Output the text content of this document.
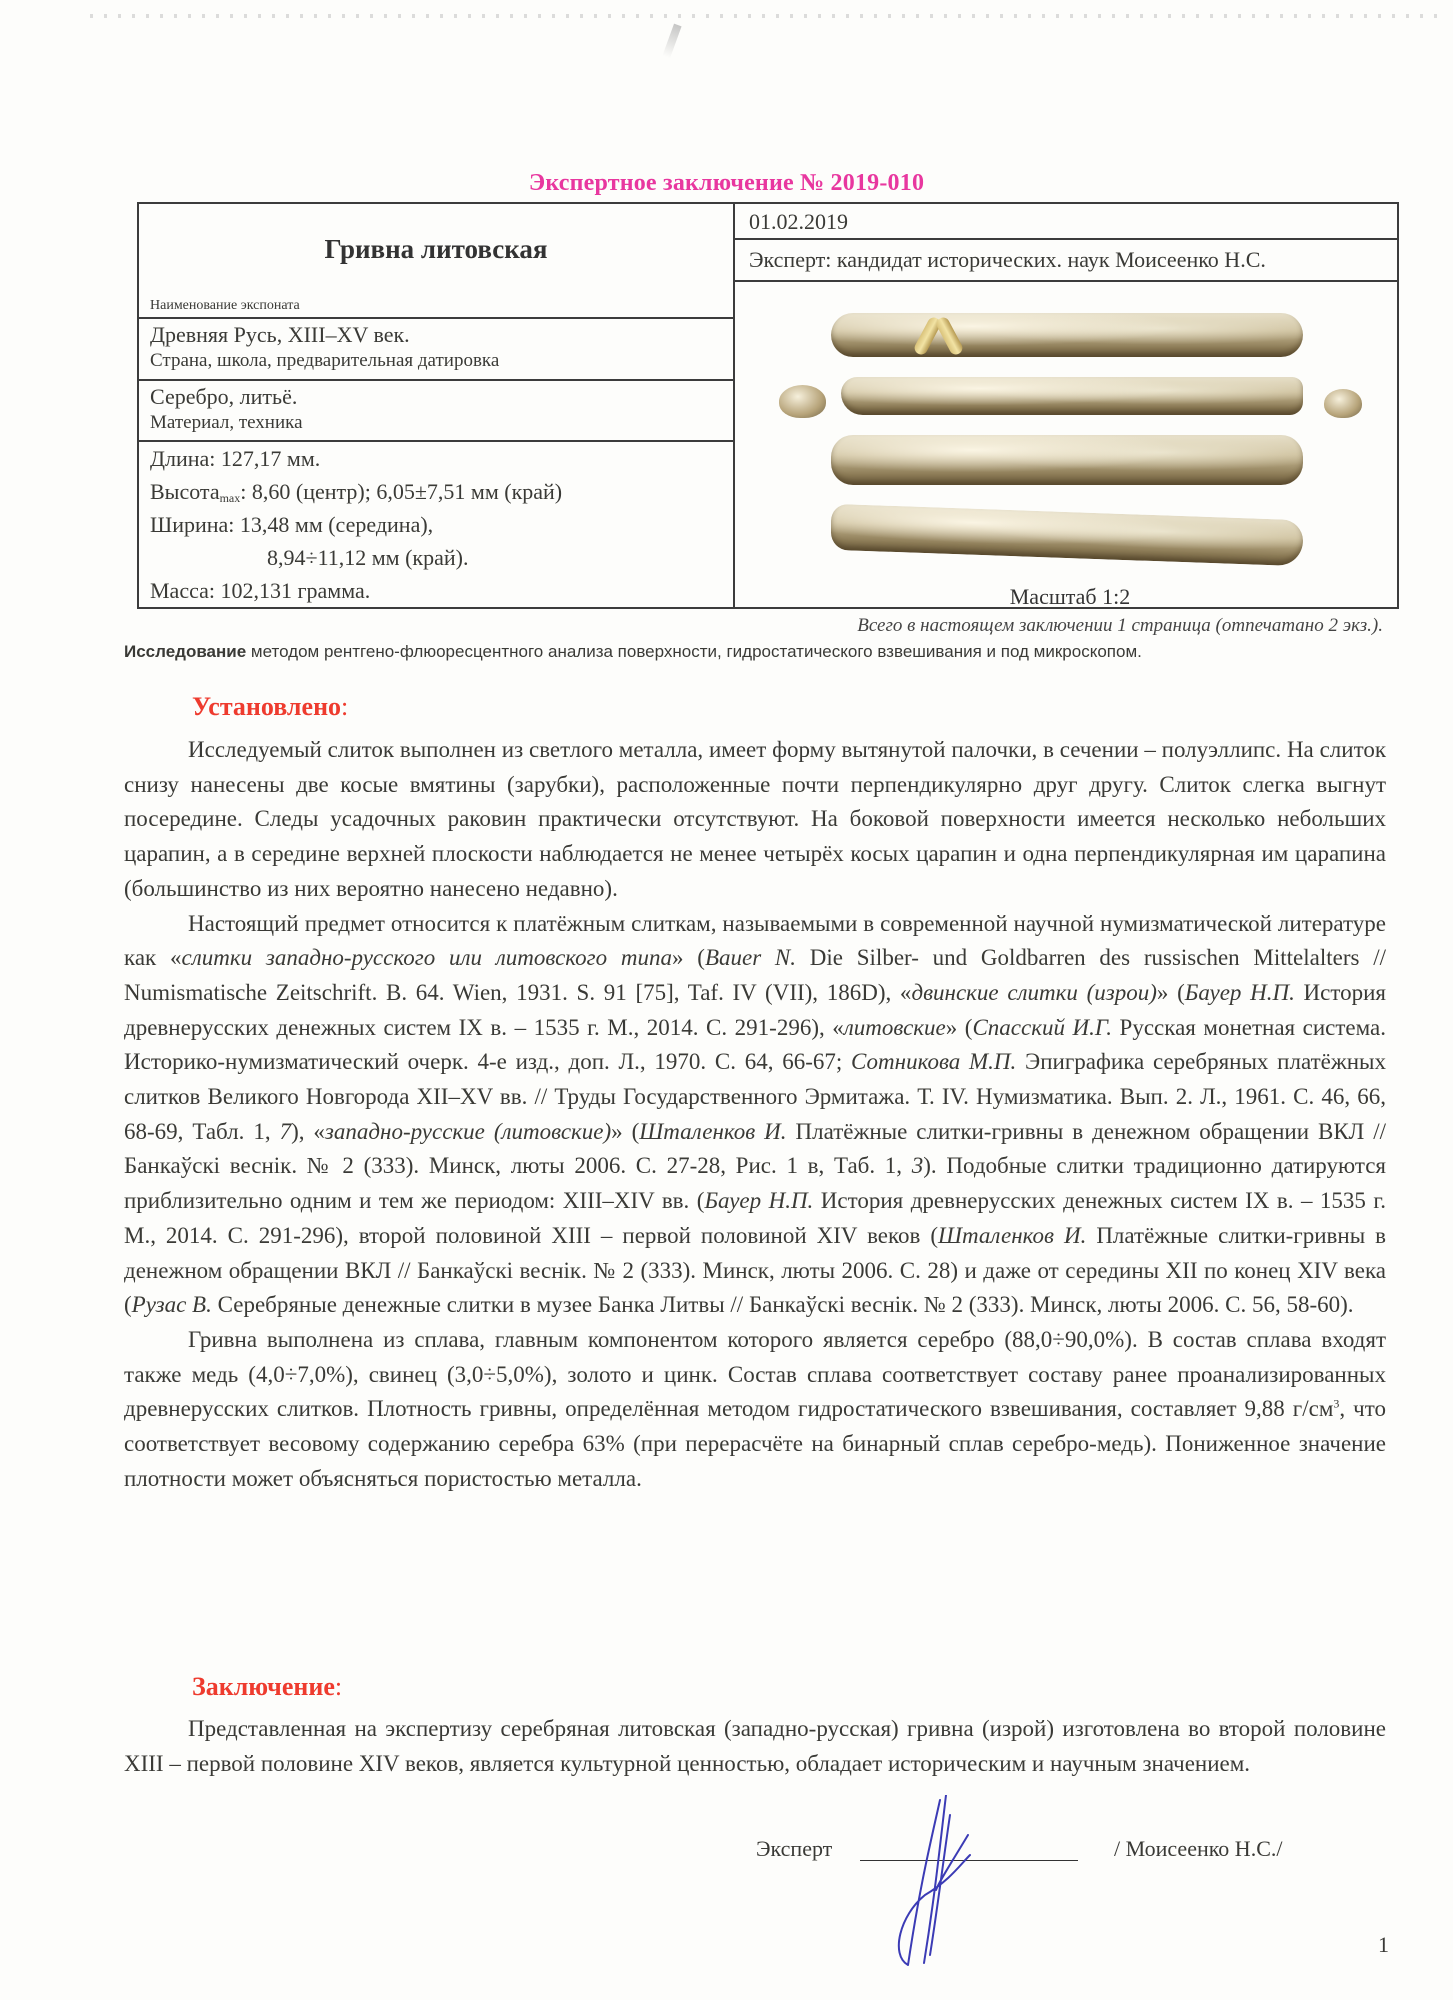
Экспертное заключение № 2019-010
Гривна литовская
Наименование экспоната
Древняя Русь, XIII–XV век.
Страна, школа, предварительная датировка
Серебро, литьё.
Материал, техника
Длина: 127,17 мм.
Высота$_{max}$: 8,60 (центр); 6,05±7,51 мм (край)
Ширина: 13,48 мм (середина),
8,94÷11,12 мм (край).
Масса: 102,131 грамма.
01.02.2019
Эксперт: кандидат исторических. наук Моисеенко Н.С.
Масштаб 1:2
Всего в настоящем заключении 1 страница (отпечатано 2 экз.).
Исследование методом рентгено-флюоресцентного анализа поверхности, гидростатического взвешивания и под микроскопом.
Установлено:

Исследуемый слиток выполнен из светлого металла, имеет форму вытянутой палочки, в сечении – полуэллипс. На слиток снизу нанесены две косые вмятины (зарубки), расположенные почти перпендикулярно друг другу. Слиток слегка выгнут посередине. Следы усадочных раковин практически отсутствуют. На боковой поверхности имеется несколько небольших царапин, а в середине верхней плоскости наблюдается не менее четырёх косых царапин и одна перпендикулярная им царапина (большинство из них вероятно нанесено недавно).

Настоящий предмет относится к платёжным слиткам, называемыми в современной научной нумизматической литературе как «слитки западно-русского или литовского типа» (Bauer N. Die Silber- und Goldbarren des russischen Mittelalters // Numismatische Zeitschrift. B. 64. Wien, 1931. S. 91 [75], Taf. IV (VII), 186D), «двинские слитки (изрои)» (Бауер Н.П. История древнерусских денежных систем IX в. – 1535 г. М., 2014. С. 291-296), «литовские» (Спасский И.Г. Русская монетная система. Историко-нумизматический очерк. 4-е изд., доп. Л., 1970. С. 64, 66-67; Сотникова М.П. Эпиграфика серебряных платёжных слитков Великого Новгорода XII–XV вв. // Труды Государственного Эрмитажа. Т. IV. Нумизматика. Вып. 2. Л., 1961. С. 46, 66, 68-69, Табл. 1, 7), «западно-русские (литовские)» (Шталенков И. Платёжные слитки-гривны в денежном обращении ВКЛ // Банкаўскі веснік. № 2 (333). Минск, люты 2006. С. 27-28, Рис. 1 в, Таб. 1, 3). Подобные слитки традиционно датируются приблизительно одним и тем же периодом: XIII–XIV вв. (Бауер Н.П. История древнерусских денежных систем IX в. – 1535 г. М., 2014. С. 291-296), второй половиной XIII – первой половиной XIV веков (Шталенков И. Платёжные слитки-гривны в денежном обращении ВКЛ // Банкаўскі веснік. № 2 (333). Минск, люты 2006. С. 28) и даже от середины XII по конец XIV века (Рузас В. Серебряные денежные слитки в музее Банка Литвы // Банкаўскі веснік. № 2 (333). Минск, люты 2006. С. 56, 58-60).

Гривна выполнена из сплава, главным компонентом которого является серебро (88,0÷90,0%). В состав сплава входят также медь (4,0÷7,0%), свинец (3,0÷5,0%), золото и цинк. Состав сплава соответствует составу ранее проанализированных древнерусских слитков. Плотность гривны, определённая методом гидростатического взвешивания, составляет 9,88 $г/см^3$, что соответствует весовому содержанию серебра 63% (при перерасчёте на бинарный сплав серебро-медь). Пониженное значение плотности может объясняться пористостью металла.

Заключение:

Представленная на экспертизу серебряная литовская (западно-русская) гривна (изрой) изготовлена во второй половине XIII – первой половине XIV веков, является культурной ценностью, обладает историческим и научным значением.

Эксперт	/ Моисеенко Н.С./
1
